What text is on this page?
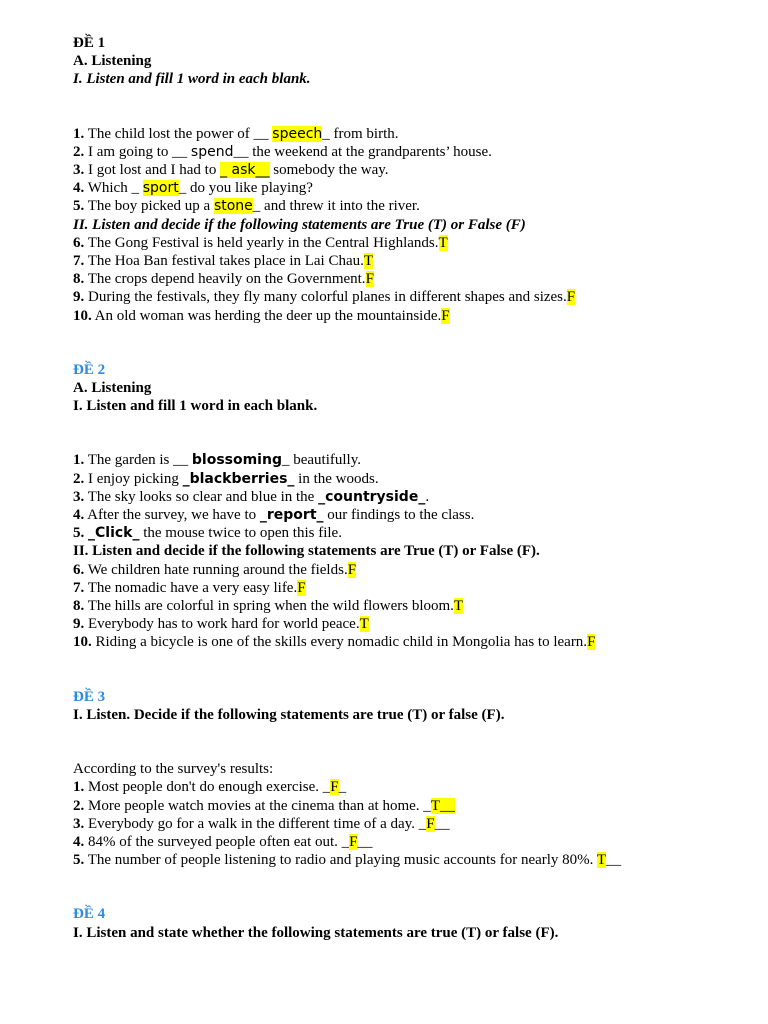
ĐỀ 1
A. Listening
I. Listen and fill 1 word in each blank.
1. The child lost the power of __ speech_ from birth.
2. I am going to __ spend__ the weekend at the grandparents’ house.
3. I got lost and I had to _ ask__ somebody the way.
4. Which _ sport_ do you like playing?
5. The boy picked up a stone_ and threw it into the river.
II. Listen and decide if the following statements are True (T) or False (F)
6. The Gong Festival is held yearly in the Central Highlands.T
7. The Hoa Ban festival takes place in Lai Chau.T
8. The crops depend heavily on the Government.F
9. During the festivals, they fly many colorful planes in different shapes and sizes.F
10. An old woman was herding the deer up the mountainside.F
ĐỀ 2
A. Listening
I. Listen and fill 1 word in each blank.
1. The garden is __ blossoming_ beautifully.
2. I enjoy picking _blackberries_ in the woods.
3. The sky looks so clear and blue in the _countryside_.
4. After the survey, we have to _report_ our findings to the class.
5. _Click_ the mouse twice to open this file.
II. Listen and decide if the following statements are True (T) or False (F).
6. We children hate running around the fields.F
7. The nomadic have a very easy life.F
8. The hills are colorful in spring when the wild flowers bloom.T
9. Everybody has to work hard for world peace.T
10. Riding a bicycle is one of the skills every nomadic child in Mongolia has to learn.F
ĐỀ 3
I. Listen. Decide if the following statements are true (T) or false (F).
According to the survey's results:
1. Most people don't do enough exercise. _F_
2. More people watch movies at the cinema than at home. _T__
3. Everybody go for a walk in the different time of a day. _F__
4. 84% of the surveyed people often eat out. _F__
5. The number of people listening to radio and playing music accounts for nearly 80%. T__
ĐỀ 4
I. Listen and state whether the following statements are true (T) or false (F).
